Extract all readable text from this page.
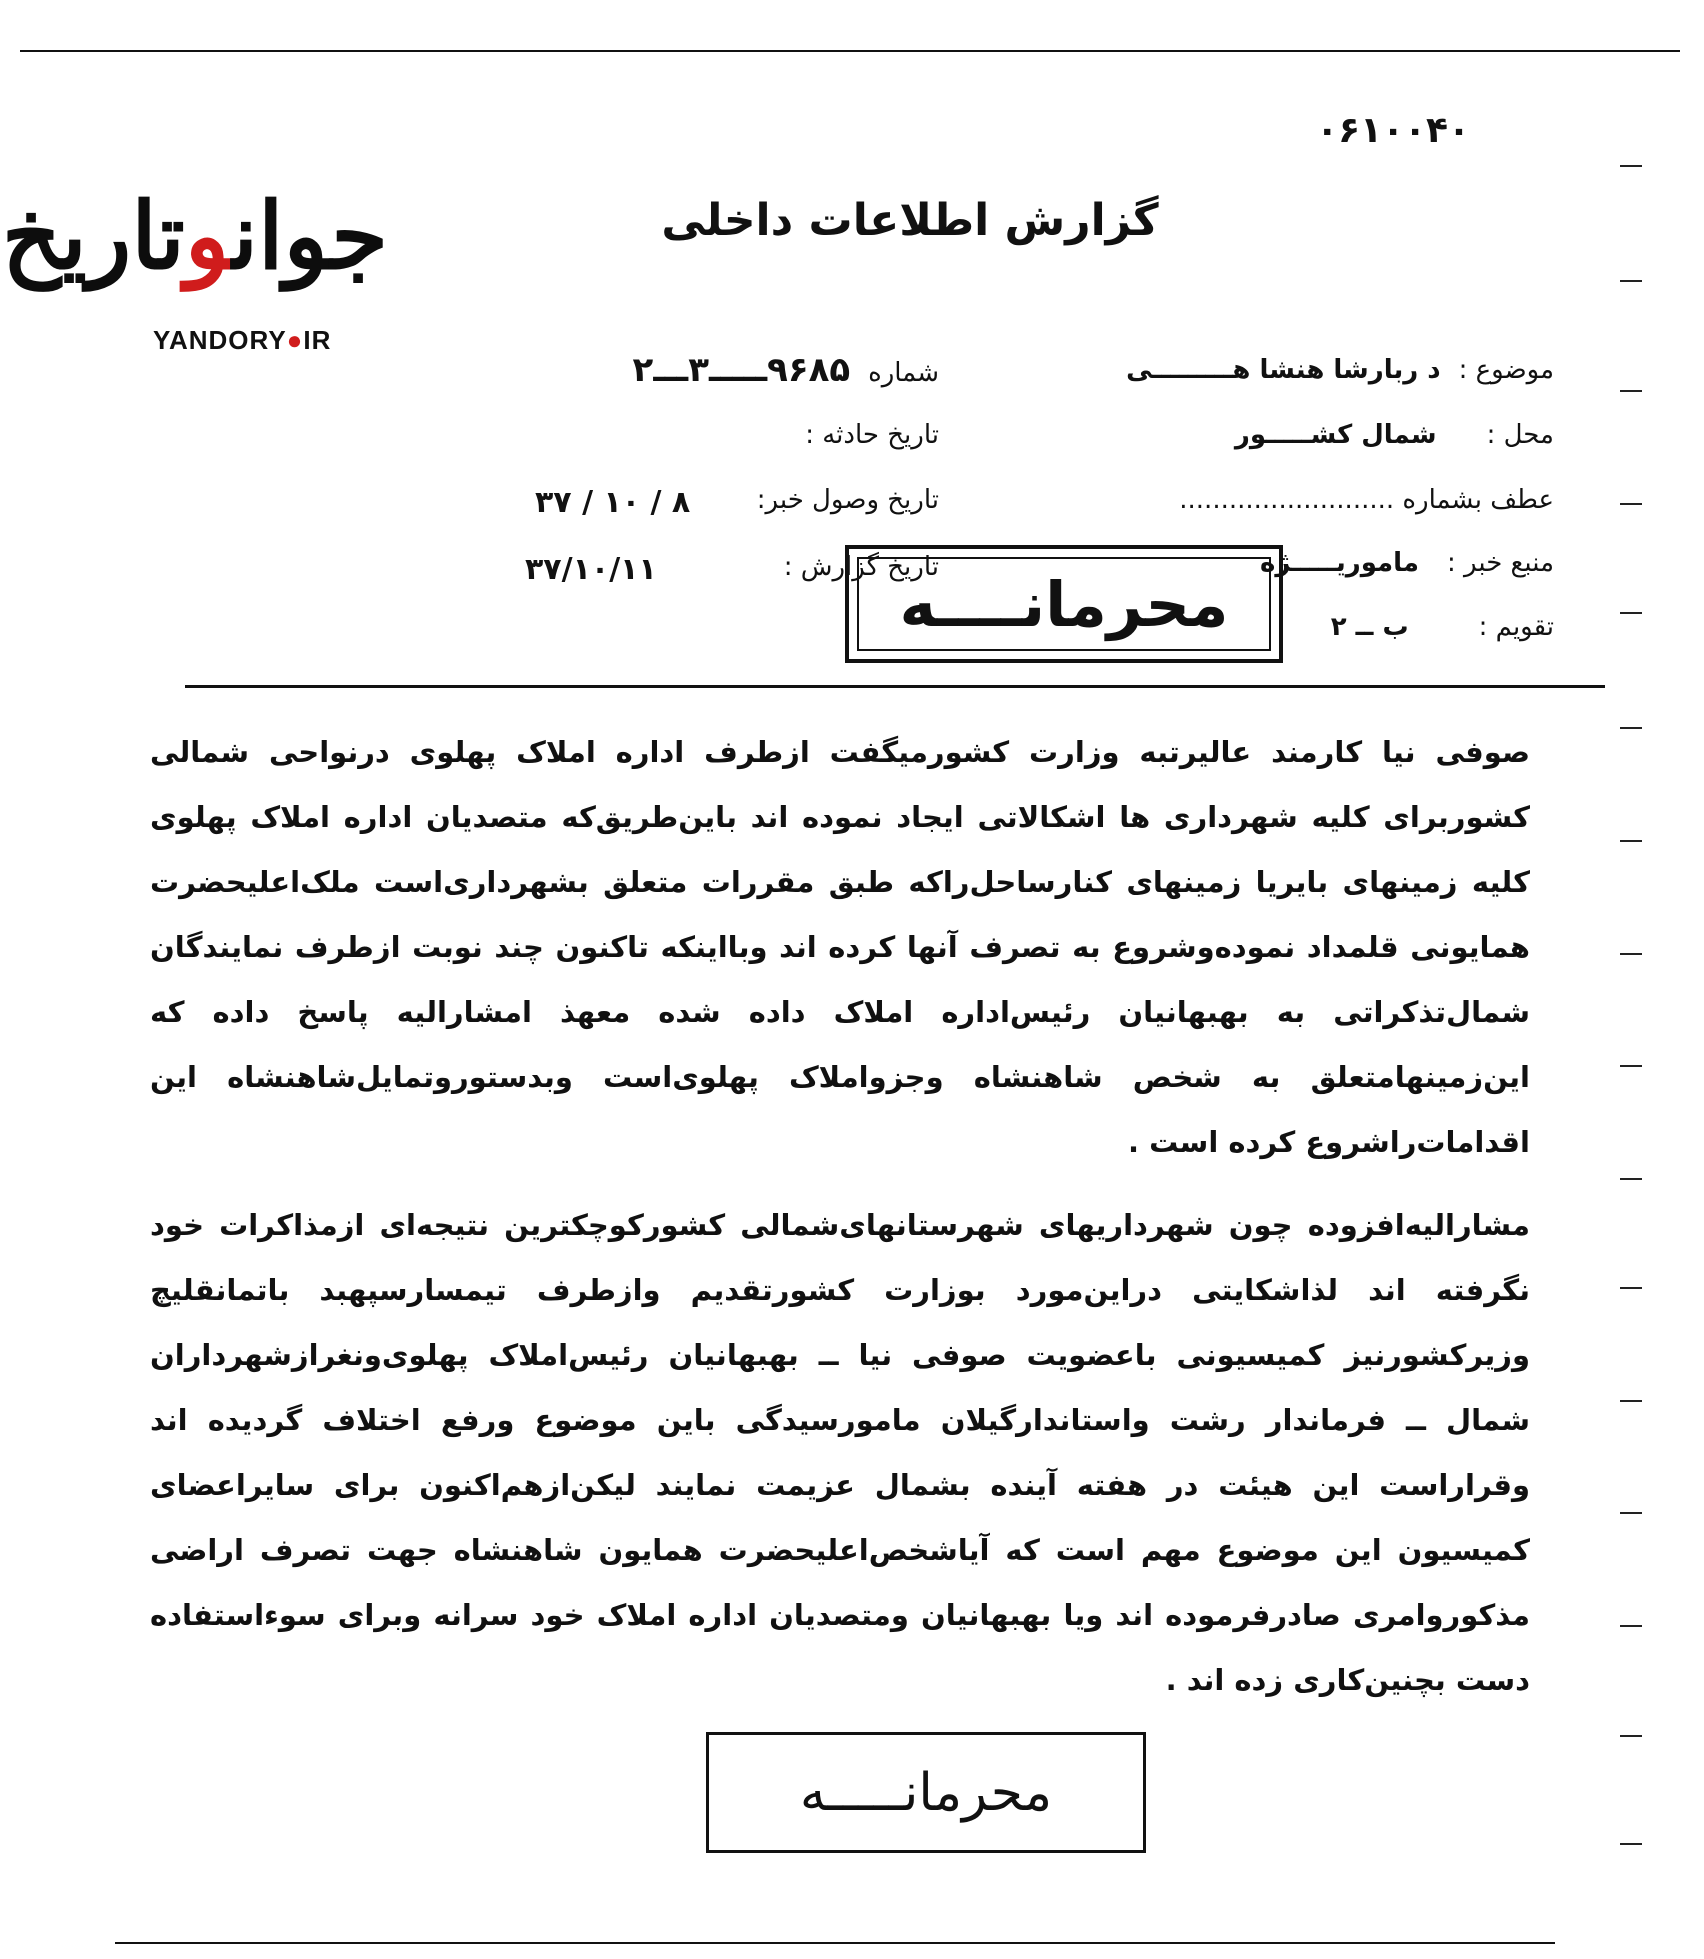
۰۶۱۰۰۴۰
جوانوتاریخ
YANDORY●IR
گزارش اطلاعات داخلی
موضوع :د ربارشا هنشا هـــــــــی
محل :شمال کشـــــور
عطف بشماره ..........................
منبع خبر :ماموریـــــژه
تقویم :ب ــ ۲
شماره۹۶۸۵ـــــ۳ـــ۲
تاریخ حادثه :
تاریخ وصول خبر:
۳۷ / ۱۰ / ۸
تاریخ گزارش :
۳۷/۱۰/۱۱	محرمانــــه

صوفی نیا کارمند عالیرتبه وزارت کشورمیگفت ازطرف اداره املاک پهلوی درنواحی شمالی کشوربرای کلیه شهرداری ها اشکالاتی ایجاد نموده اند باین‌طریق‌که متصدیان اداره املاک پهلوی کلیه زمینهای بایریا زمینهای کنارساحل‌راکه طبق مقررات متعلق بشهرداری‌است ملک‌اعلیحضرت همایونی قلمداد نموده‌وشروع به تصرف آنها کرده اند وبااینکه تاکنون چند نوبت ازطرف نمایندگان شمال‌تذکراتی به بهبهانیان رئیس‌اداره املاک داده شده معهذ امشارالیه پاسخ داده که این‌زمینها‌متعلق به شخص شاهنشاه وجزواملاک پهلوی‌است وبدستوروتمایل‌شاهنشاه این اقدامات‌راشروع کرده است .

مشارالیه‌افزوده چون شهرداریهای شهرستانهای‌شمالی کشورکوچکترین نتیجه‌ای ازمذاکرات خود نگرفته اند لذاشکایتی دراین‌مورد بوزارت کشورتقدیم وازطرف تیمسارسپهبد باتمانقلیچ وزیرکشورنیز کمیسیونی باعضویت صوفی نیا ــ بهبهانیان رئیس‌املاک پهلوی‌ونغرازشهرداران شمال ــ فرماندار رشت واستاندارگیلان مامورسیدگی باین موضوع ورفع اختلاف گردیده اند وقراراست این هیئت در هفته آینده بشمال عزیمت نمایند لیکن‌ازهم‌اکنون برای سایراعضای کمیسیون این موضوع مهم است که آیاشخص‌اعلیحضرت همایون شاهنشاه جهت تصرف اراضی مذکوروامری صادرفرموده اند ویا بهبهانیان ومتصدیان اداره املاک خود سرانه وبرای سوءاستفاده دست بچنین‌کاری زده اند .

محرمانـــــه
